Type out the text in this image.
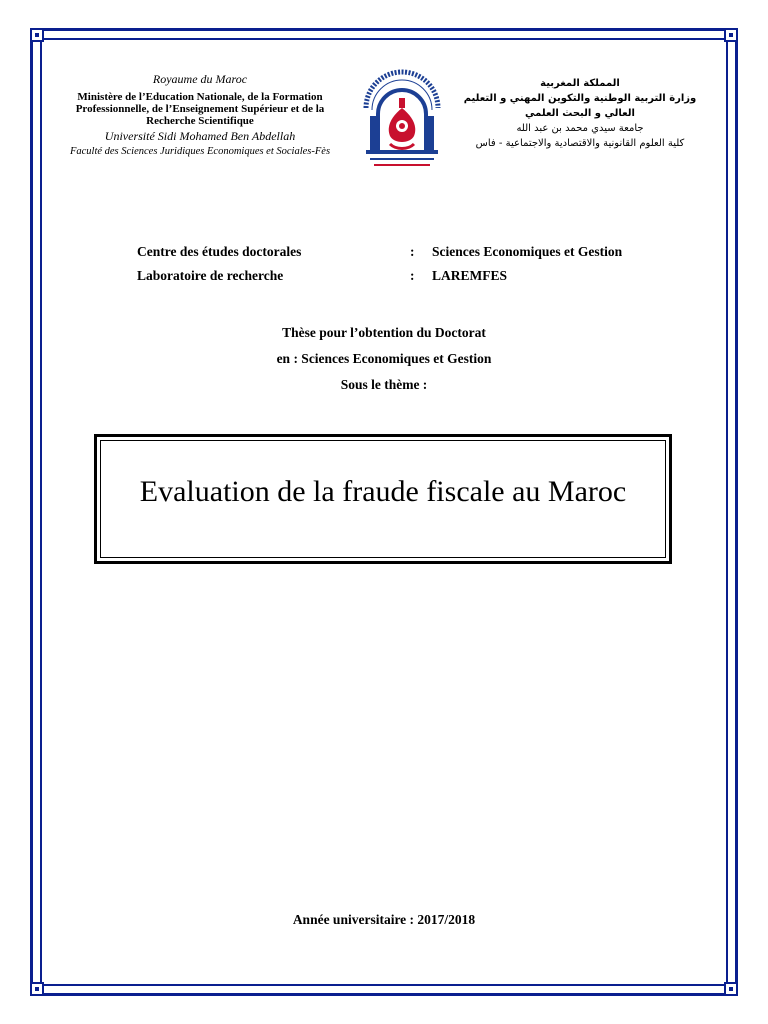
Royaume du Maroc
Ministère de l’Education Nationale, de la Formation Professionnelle, de l’Enseignement Supérieur et de la Recherche Scientifique
Université Sidi Mohamed Ben Abdellah
Faculté des Sciences Juridiques Economiques et Sociales-Fès
المملكة المغربية
وزارة التربية الوطنية والتكوين المهني و التعليم العالي و البحث العلمي
جامعة سيدي محمد بن عبد الله
كلية العلوم القانونية والاقتصادية والاجتماعية - فاس
Centre des études doctorales	: Sciences Economiques et Gestion
Laboratoire de recherche	: LAREMFES
Thèse pour l’obtention du Doctorat
en : Sciences Economiques et Gestion
Sous le thème :
Evaluation de la fraude fiscale au Maroc
Année universitaire : 2017/2018
